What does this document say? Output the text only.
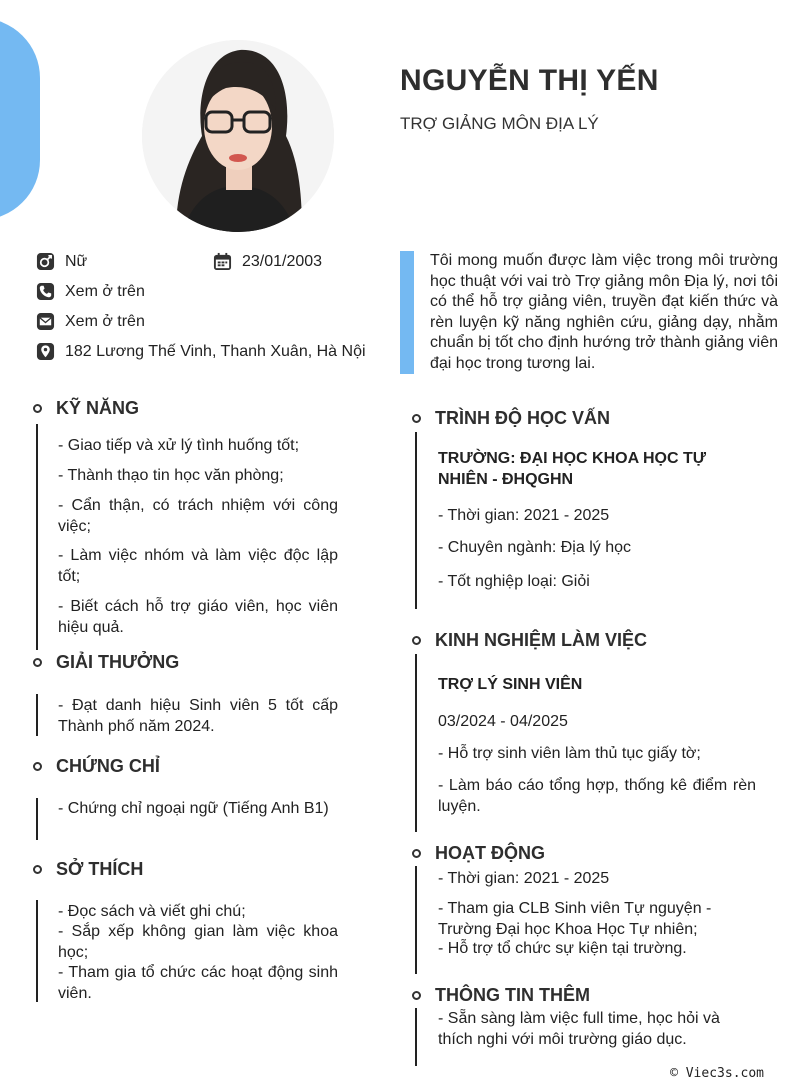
NGUYỄN THỊ YẾN
TRỢ GIẢNG MÔN ĐỊA LÝ
Nữ	23/01/2003
Xem ở trên
Xem ở trên
182 Lương Thế Vinh, Thanh Xuân, Hà Nội
Tôi mong muốn được làm việc trong môi trường học thuật với vai trò Trợ giảng môn Địa lý, nơi tôi có thể hỗ trợ giảng viên, truyền đạt kiến thức và rèn luyện kỹ năng nghiên cứu, giảng dạy, nhằm chuẩn bị tốt cho định hướng trở thành giảng viên đại học trong tương lai.
KỸ NĂNG
- Giao tiếp và xử lý tình huống tốt;
- Thành thạo tin học văn phòng;
- Cẩn thận, có trách nhiệm với công việc;
- Làm việc nhóm và làm việc độc lập tốt;
- Biết cách hỗ trợ giáo viên, học viên hiệu quả.
GIẢI THƯỞNG
- Đạt danh hiệu Sinh viên 5 tốt cấp Thành phố năm 2024.
CHỨNG CHỈ
- Chứng chỉ ngoại ngữ (Tiếng Anh B1)
SỞ THÍCH
- Đọc sách và viết ghi chú;
- Sắp xếp không gian làm việc khoa học;
- Tham gia tổ chức các hoạt động sinh viên.
TRÌNH ĐỘ HỌC VẤN
TRƯỜNG: ĐẠI HỌC KHOA HỌC TỰ NHIÊN - ĐHQGHN
- Thời gian: 2021 - 2025
- Chuyên ngành: Địa lý học
- Tốt nghiệp loại: Giỏi
KINH NGHIỆM LÀM VIỆC
TRỢ LÝ SINH VIÊN
03/2024 - 04/2025
- Hỗ trợ sinh viên làm thủ tục giấy tờ;
- Làm báo cáo tổng hợp, thống kê điểm rèn luyện.
HOẠT ĐỘNG
- Thời gian: 2021 - 2025
- Tham gia CLB Sinh viên Tự nguyện - Trường Đại học Khoa Học Tự nhiên;
- Hỗ trợ tổ chức sự kiện tại trường.
THÔNG TIN THÊM
- Sẵn sàng làm việc full time, học hỏi và thích nghi với môi trường giáo dục.
© Viec3s.com
